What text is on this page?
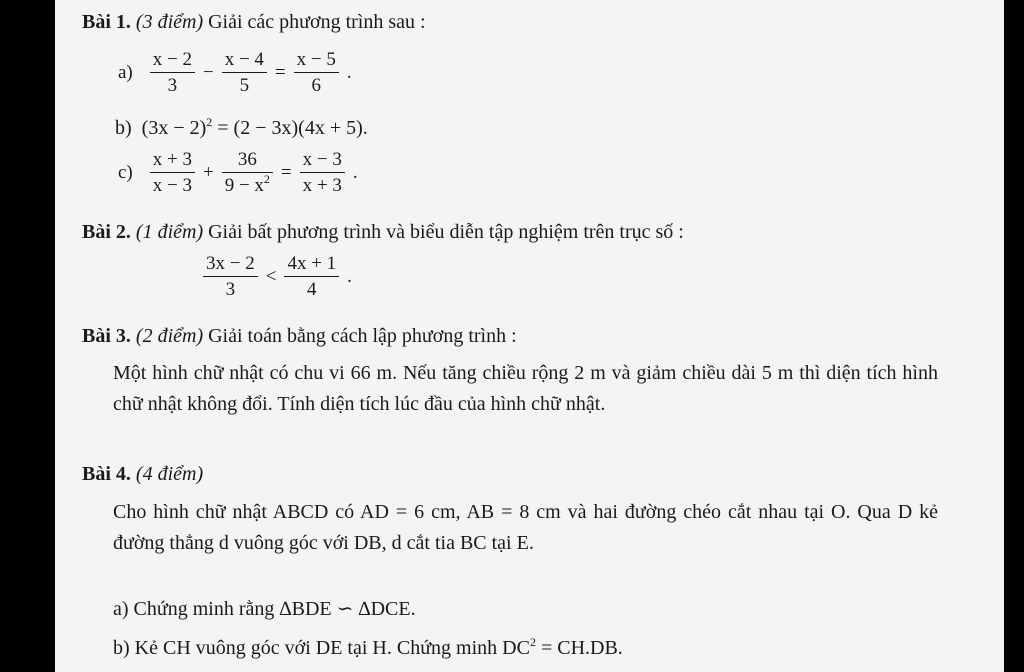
Bài 1. (3 điểm) Giải các phương trình sau :
$a) \frac{x - 2}{3} - \frac{x - 4}{5} = \frac{x - 5}{6}$ .
b) $(3x - 2)^2 = (2 - 3x)(4x + 5)$.
$c) \frac{x + 3}{x - 3} + \frac{36}{9 - x^2} = \frac{x - 3}{x + 3}$ .
Bài 2. (1 điểm) Giải bất phương trình và biểu diễn tập nghiệm trên trục số :
$\frac{3x - 2}{3} < \frac{4x + 1}{4}$ .
Bài 3. (2 điểm) Giải toán bằng cách lập phương trình :
Một hình chữ nhật có chu vi 66 m. Nếu tăng chiều rộng 2 m và giảm chiều dài 5 m thì diện tích hình chữ nhật không đổi. Tính diện tích lúc đầu của hình chữ nhật.
Bài 4. (4 điểm)
Cho hình chữ nhật ABCD có AD = 6 cm, AB = 8 cm và hai đường chéo cắt nhau tại O. Qua D kẻ đường thẳng d vuông góc với DB, d cắt tia BC tại E.
a) Chứng minh rằng ∆BDE ∽ ∆DCE.
b) Kẻ CH vuông góc với DE tại H. Chứng minh $DC^2 = CH.DB$.
